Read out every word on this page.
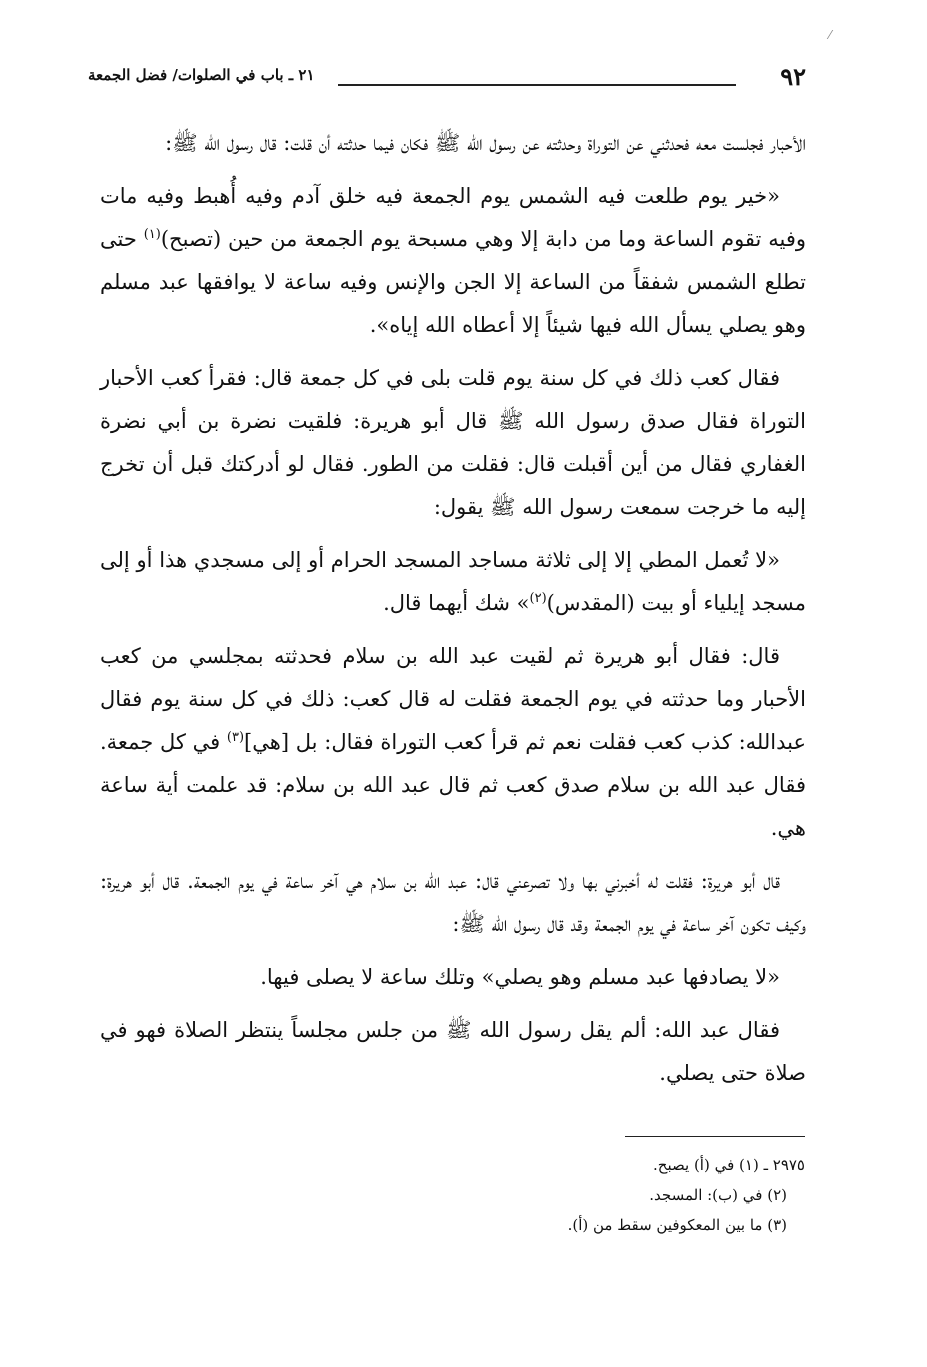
٩٢
٢١ ـ باب في الصلوات/ فضل الجمعة
⁄

الأحبار فجلست معه فحدثني عن التوراة وحدثته عن رسول الله ﷺ فكان فيما حدثته أن قلت: قال رسول الله ﷺ:

«خير يوم طلعت فيه الشمس يوم الجمعة فيه خلق آدم وفيه أُهبط وفيه مات وفيه تقوم الساعة وما من دابة إلا وهي مسبحة يوم الجمعة من حين (تصبح)$^{(١)}$ حتى تطلع الشمس شفقاً من الساعة إلا الجن والإنس وفيه ساعة لا يوافقها عبد مسلم وهو يصلي يسأل الله فيها شيئاً إلا أعطاه الله إياه».

فقال كعب ذلك في كل سنة يوم قلت بلى في كل جمعة قال: فقرأ كعب الأحبار التوراة فقال صدق رسول الله ﷺ قال أبو هريرة: فلقيت نضرة بن أبي نضرة الغفاري فقال من أين أقبلت قال: فقلت من الطور. فقال لو أدركتك قبل أن تخرج إليه ما خرجت سمعت رسول الله ﷺ يقول:

«لا تُعمل المطي إلا إلى ثلاثة مساجد المسجد الحرام أو إلى مسجدي هذا أو إلى مسجد إيلياء أو بيت (المقدس)$^{(٢)}$» شك أيهما قال.

قال: فقال أبو هريرة ثم لقيت عبد الله بن سلام فحدثته بمجلسي من كعب الأحبار وما حدثته في يوم الجمعة فقلت له قال كعب: ذلك في كل سنة يوم فقال عبدالله: كذب كعب فقلت نعم ثم قرأ كعب التوراة فقال: بل [هي]$^{(٣)}$ في كل جمعة. فقال عبد الله بن سلام صدق كعب ثم قال عبد الله بن سلام: قد علمت أية ساعة هي.

قال أبو هريرة: فقلت له أخبرني بها ولا تصرعني قال: عبد الله بن سلام هي آخر ساعة في يوم الجمعة. قال أبو هريرة: وكيف تكون آخر ساعة في يوم الجمعة وقد قال رسول الله ﷺ:

«لا يصادفها عبد مسلم وهو يصلي» وتلك ساعة لا يصلى فيها.

فقال عبد الله: ألم يقل رسول الله ﷺ من جلس مجلساً ينتظر الصلاة فهو في صلاة حتى يصلي.

٢٩٧٥ ـ (١) في (أ) يصبح.

(٢) في (ب): المسجد.

(٣) ما بين المعكوفين سقط من (أ).
